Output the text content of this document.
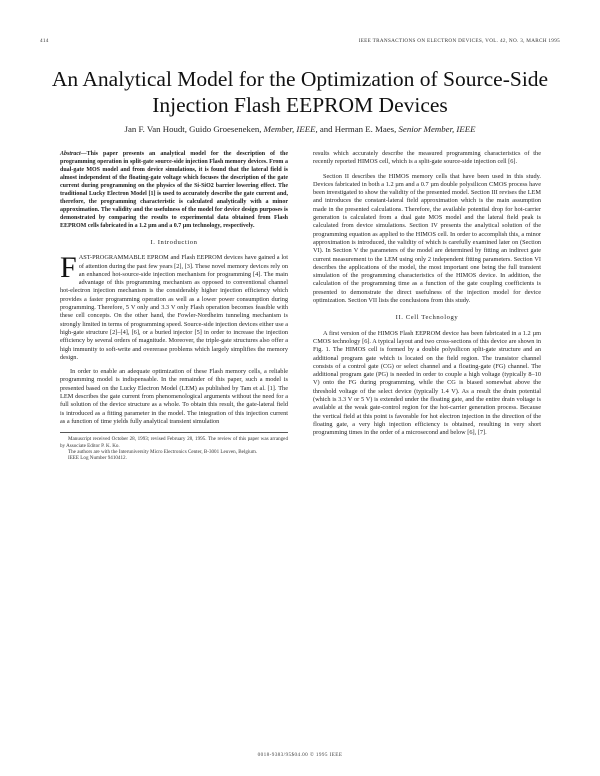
414	IEEE TRANSACTIONS ON ELECTRON DEVICES, VOL. 42, NO. 3, MARCH 1995
An Analytical Model for the Optimization of Source-Side Injection Flash EEPROM Devices
Jan F. Van Houdt, Guido Groeseneken, Member, IEEE, and Herman E. Maes, Senior Member, IEEE
Abstract—This paper presents an analytical model for the description of the programming operation in split-gate source-side injection Flash memory devices. From a dual-gate MOS model and from device simulations, it is found that the lateral field is almost independent of the floating-gate voltage which focuses the description of the gate current during programming on the physics of the Si-SiO2 barrier lowering effect. The traditional Lucky Electron Model [1] is used to accurately describe the gate current and, therefore, the programming characteristic is calculated analytically with a minor approximation. The validity and the usefulness of the model for device design purposes is demonstrated by comparing the results to experimental data obtained from Flash EEPROM cells fabricated in a 1.2 µm and a 0.7 µm technology, respectively.
I. Introduction

FAST-PROGRAMMABLE EPROM and Flash EEPROM devices have gained a lot of attention during the past few years [2], [3]. These novel memory devices rely on an enhanced hot-source-side injection mechanism for programming [4]. The main advantage of this programming mechanism as opposed to conventional channel hot-electron injection mechanism is the considerably higher injection efficiency which provides a faster programming operation as well as a lower power consumption during programming. Therefore, 5 V only and 3.3 V only Flash operation becomes feasible with these cell concepts. On the other hand, the Fowler-Nordheim tunneling mechanism is strongly limited in terms of programming speed. Source-side injection devices either use a high-gate structure [2]–[4], [6], or a buried injector [5] in order to increase the injection efficiency by several orders of magnitude. Moreover, the triple-gate structures also offer a high immunity to soft-write and overerase problems which largely simplifies the memory design.

In order to enable an adequate optimization of these Flash memory cells, a reliable programming model is indispensable. In the remainder of this paper, such a model is presented based on the Lucky Electron Model (LEM) as published by Tam et al. [1]. The LEM describes the gate current from phenomenological arguments without the need for a full solution of the device structure as a whole. To obtain this result, the gate-lateral field is introduced as a fitting parameter in the model. The integration of this injection current as a function of time yields fully analytical transient simulation

Manuscript received October 28, 1993; revised February 28, 1995. The review of this paper was arranged by Associate Editor P. K. Ko.

The authors are with the Interuniversity Micro Electronics Center, B-3001 Leuven, Belgium.

IEEE Log Number 9410412.

results which accurately describe the measured programming characteristics of the recently reported HIMOS cell, which is a split-gate source-side injection cell [6].

Section II describes the HIMOS memory cells that have been used in this study. Devices fabricated in both a 1.2 µm and a 0.7 µm double polysilicon CMOS process have been investigated to show the validity of the presented model. Section III revises the LEM and introduces the constant-lateral field approximation which is the main assumption made in the presented calculations. Therefore, the available potential drop for hot-carrier generation is calculated from a dual gate MOS model and the lateral field peak is calculated from device simulations. Section IV presents the analytical solution of the programming equation as applied to the HIMOS cell. In order to accomplish this, a minor approximation is introduced, the validity of which is carefully examined later on (Section VI). In Section V the parameters of the model are determined by fitting an indirect gate current measurement to the LEM using only 2 independent fitting parameters. Section VI describes the applications of the model, the most important one being the full transient simulation of the programming characteristics of the HIMOS device. In addition, the calculation of the programming time as a function of the gate coupling coefficients is presented to demonstrate the direct usefulness of the injection model for device optimization. Section VII lists the conclusions from this study.

II. Cell Technology

A first version of the HIMOS Flash EEPROM device has been fabricated in a 1.2 µm CMOS technology [6]. A typical layout and two cross-sections of this device are shown in Fig. 1. The HIMOS cell is formed by a double polysilicon split-gate structure and an additional program gate which is located on the field region. The transistor channel consists of a control gate (CG) or select channel and a floating-gate (FG) channel. The additional program gate (PG) is needed in order to couple a high voltage (typically 8–10 V) onto the FG during programming, while the CG is biased somewhat above the threshold voltage of the select device (typically 1.4 V). As a result the drain potential (which is 3.3 V or 5 V) is extended under the floating gate, and the entire drain voltage is available at the weak gate-control region for the hot-carrier generation process. Because the vertical field at this point is favorable for hot electron injection in the direction of the floating gate, a very high injection efficiency is obtained, resulting in very short programming times in the order of a microsecond and below [6], [7].

0018-9383/95$04.00 © 1995 IEEE
